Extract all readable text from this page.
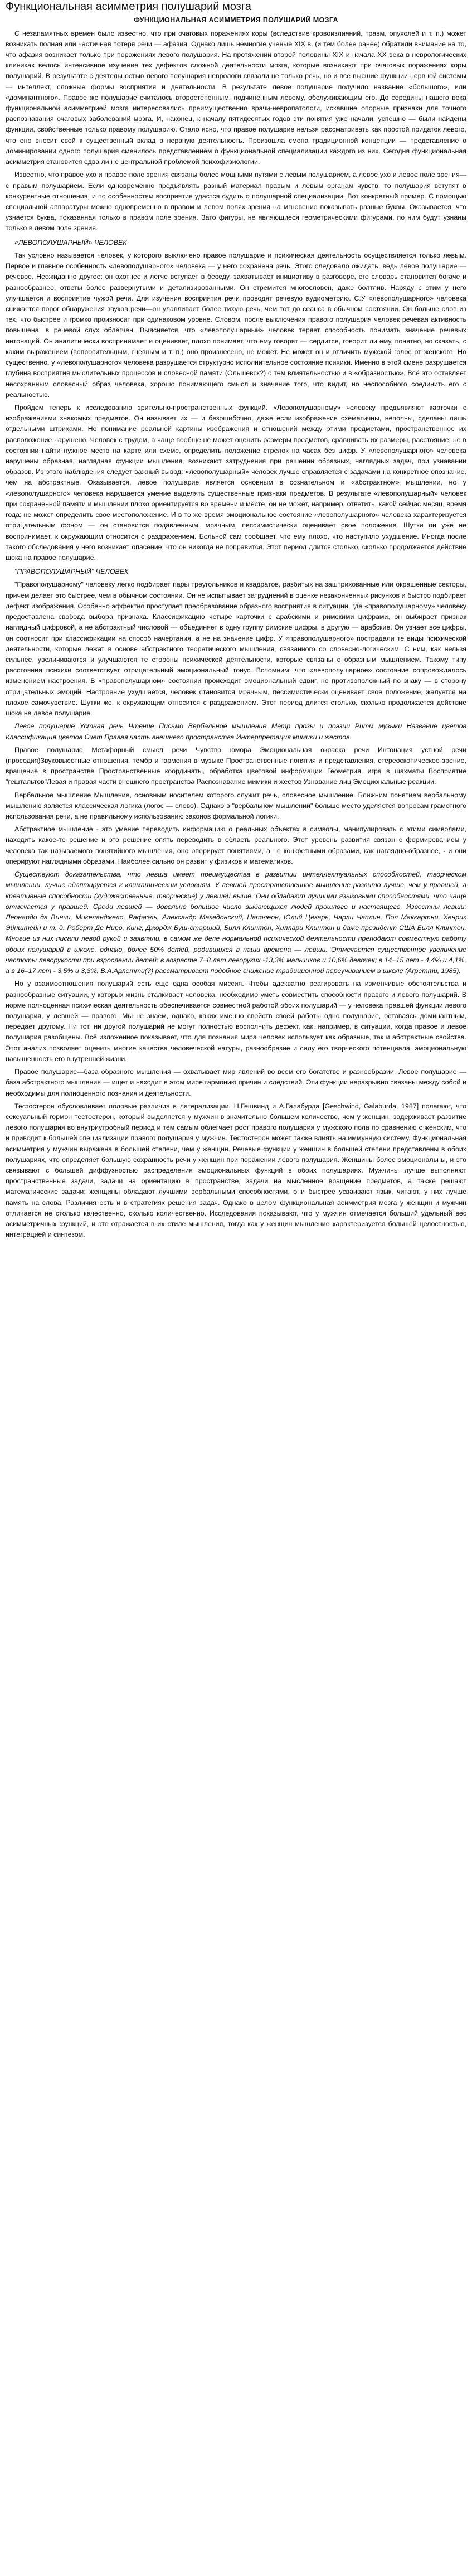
Функциональная асимметрия полушарий мозга
ФУНКЦИОНАЛЬНАЯ АСИММЕТРИЯ ПОЛУШАРИЙ МОЗГА

С незапамятных времен было известно, что при очаговых поражениях коры (вследствие кровоизлияний, травм, опухолей и т. п.) может возникать полная или частичная потеря речи — афазия. Однако лишь немногие ученые XIX в. (и тем более ранее) обратили внимание на то, что афазия возникает только при поражениях левого полушария. На протяжении второй половины XIX и начала XX века в неврологических клиниках велось интенсивное изучение тех дефектов сложной деятельности мозга, которые возникают при очаговых поражениях коры полушарий. В результате с деятельностью левого полушария неврологи связали не только речь, но и все высшие функции нервной системы — интеллект, сложные формы восприятия и деятельности. В результате левое полушарие получило название «большого», или «доминантного». Правое же полушарие считалось второстепенным, подчиненным левому, обслуживающим его. До середины нашего века функциональной асимметрией мозга интересовались преимущественно врачи-невропатологи, искавшие опорные признаки для точного распознавания очаговых заболеваний мозга. И, наконец, к началу пятидесятых годов эти понятия уже начали, успешно — были найдены функции, свойственные только правому полушарию. Стало ясно, что правое полушарие нельзя рассматривать как простой придаток левого, что оно вносит свой к существенный вклад в нервную деятельность. Произошла смена традиционной концепции — представление о доминировании одного полушария сменилось представлением о функциональной специализации каждого из них. Сегодня функциональная асимметрия становится едва ли не центральной проблемой психофизиологии.

Известно, что правое ухо и правое поле зрения связаны более мощными путями с левым полушарием, а левое ухо и левое поле зрения—с правым полушарием. Если одновременно предъявлять разный материал правым и левым органам чувств, то полушария вступят в конкурентные отношения, и по особенностям восприятия удастся судить о полушарной специализации. Вот конкретный пример. С помощью специальной аппаратуры можно одновременно в правом и левом полях зрения на мгновение показывать разные буквы. Оказывается, что узнается буква, показанная только в правом поле зрения. Зато фигуры, не являющиеся геометрическими фигурами, по ним будут узнаны только в левом поле зрения.

«ЛЕВОПОЛУШАРНЫЙ» ЧЕЛОВЕК

Так условно называется человек, у которого выключено правое полушарие и психическая деятельность осуществляется только левым. Первое и главное особенность «левополушарного» человека — у него сохранена речь. Этого следовало ожидать, ведь левое полушарие — речевое. Неожиданно другое: он охотнее и легче вступает в беседу, захватывает инициативу в разговоре, его словарь становится богаче и разнообразнее, ответы более развернутыми и детализированными. Он стремится многословен, даже болтлив. Наряду с этим у него улучшается и восприятие чужой речи. Для изучения восприятия речи проводят речевую аудиометрию. С.У «левополушарного» человека снижается порог обнаружения звуков речи—он улавливает более тихую речь, чем тот до сеанса в обычном состоянии. Он больше слов из тех, что быстрее и громко произносит при одинаковом уровне. Словом, после выключения правого полушария человек речевая активность повышена, в речевой слух облегчен. Выясняется, что «левополушарный» человек теряет способность понимать значение речевых интонаций. Он аналитически воспринимает и оценивает, плохо понимает, что ему говорят — сердится, говорит ли ему, понятно, но сказать, с каким выражением (вопросительным, гневным и т. п.) оно произнесено, не может. Не может он и отличить мужской голос от женского. Но существенно, у «левополушарного» человека разрушается структурно исполнительное состояние психики. Именно в этой смене разрушается глубина восприятия мыслительных процессов и словесной памяти (Ольшевск?) с тем влиятельностью и в «образностью». Всё это оставляет несохранным словесный образ человека, хорошо понимающего смысл и значение того, что видит, но неспособного соединить его с реальностью.

Пройдем теперь к исследованию зрительно-пространственных функций. «Левополушарному» человеку предъявляют карточки с изображениями знакомых предметов. Он называет их — и безошибочно, даже если изображения схематичны, неполны, сделаны лишь отдельными штрихами. Но понимание реальной картины изображения и отношений между этими предметами, пространственное их расположение нарушено. Человек с трудом, а чаще вообще не может оценить размеры предметов, сравнивать их размеры, расстояние, не в состоянии найти нужное место на карте или схеме, определить положение стрелок на часах без цифр. У «левополушарного» человека нарушены образная, наглядная функции мышления, возникают затруднения при решении образных, наглядных задач, при узнавании образов. Из этого наблюдения следует важный вывод: «левополушарный» человек лучше справляется с задачами на конкретное опознание, чем на абстрактные. Оказывается, левое полушарие является основным в сознательном и «абстрактном» мышлении, но у «левополушарного» человека нарушается умение выделять существенные признаки предметов. В результате «левополушарный» человек при сохраненной памяти и мышлении плохо ориентируется во времени и месте, он не может, например, ответить, какой сейчас месяц, время года; не может определить свое местоположение. И в то же время эмоциональное состояние «левополушарного» человека характеризуется отрицательным фоном — он становится подавленным, мрачным, пессимистически оценивает свое положение. Шутки он уже не воспринимает, к окружающим относится с раздражением. Больной сам сообщает, что ему плохо, что наступило ухудшение. Иногда после такого обследования у него возникает опасение, что он никогда не поправится. Этот период длится столько, сколько продолжается действие шока на правое полушарие.

"ПРАВОПОЛУШАРНЫЙ" ЧЕЛОВЕК

"Правополушарному" человеку легко подбирает пары треугольников и квадратов, разбитых на заштрихованные или окрашенные секторы, причем делает это быстрее, чем в обычном состоянии. Он не испытывает затруднений в оценке незаконченных рисунков и быстро подбирает дефект изображения. Особенно эффектно проступает преобразование образного восприятия в ситуации, где «правополушарному» человеку предоставлена свобода выбора признака. Классификацию четыре карточки с арабскими и римскими цифрами, он выбирает признак наглядный цифровой, а не абстрактный числовой — объединяет в одну группу римские цифры, в другую — арабские. Он узнает все цифры, он соотносит при классификации на способ начертания, а не на значение цифр. У «правополушарного» пострадали те виды психической деятельности, которые лежат в основе абстрактного теоретического мышления, связанного со словесно-логическим. С ним, как нельзя сильнее, увеличиваются и улучшаются те стороны психической деятельности, которые связаны с образным мышлением. Такому типу расстояния психики соответствует отрицательный эмоциональный тонус. Вспомним: что «левополушарное» состояние сопровождалось изменением настроения. В «правополушарном» состоянии происходит эмоциональный сдвиг, но противоположный по знаку — в сторону отрицательных эмоций. Настроение ухудшается, человек становится мрачным, пессимистически оценивает свое положение, жалуется на плохое самочувствие. Шутки же, к окружающим относится с раздражением. Этот период длится столько, сколько продолжается действие шока на левое полушарие.

Левое полушарие Устная речь Чтение Письмо Вербальное мышление Метр прозы и поэзии Ритм музыки Название цветов Классификация цветов Счет Правая часть внешнего пространства Интерпретация мимики и жестов.

Правое полушарие Метафорный смысл речи Чувство юмора Эмоциональная окраска речи Интонация устной речи (просодия)Звуковысотные отношения, тембр и гармония в музыке Пространственные понятия и представления, стереоскопическое зрение, вращение в пространстве Пространственные координаты, обработка цветовой информации Геометрия, игра в шахматы Восприятие "гештальтов"Левая и правая части внешнего пространства Распознавание мимики и жестов Узнавание лиц Эмоциональные реакции.

Вербальное мышление Мышление, основным носителем которого служит речь, словесное мышление. Ближним понятием вербальному мышлению является классическая логика (логос — слово). Однако в "вербальном мышлении" больше место уделяется вопросам грамотного использования речи, а не правильному использованию законов формальной логики.

Абстрактное мышление - это умение переводить информацию о реальных объектах в символы, манипулировать с этими символами, находить какое-то решение и это решение опять переводить в область реального. Этот уровень развития связан с формированием у человека так называемого понятийного мышления, оно оперирует понятиями, а не конкретными образами, как наглядно-образное, - и они оперируют наглядными образами. Наиболее сильно он развит у физиков и математиков.

Существуют доказательства, что левша имеет преимущества в развитии интеллектуальных способностей, творческом мышлении, лучше адаптируется к климатическим условиям. У левшей пространственное мышление развито лучше, чем у правшей, а креативные способности (художественные, творческие) у левшей выше. Они обладают лучшими языковыми способностями, что чаще отмечается у правшей. Среди левшей — довольно большое число выдающихся людей прошлого и настоящего. Известны левши: Леонардо да Винчи, Микеланджело, Рафаэль, Александр Македонский, Наполеон, Юлий Цезарь, Чарли Чаплин, Пол Маккартни, Хенрик Эйнштейн и т. д. Роберт Де Ниро, Кинг, Джордж Буш-старший, Билл Клинтон, Хиллари Клинтон и даже президент США Билл Клинтон. Многие из них писали левой рукой и заявляли, в самом же деле нормальной психической деятельности преподают совместную работу обоих полушарий в школе, однако, более 50% детей, родившихся в наши времена — левши. Отмечается существенное увеличение частоты леворукости при взрослении детей: в возрасте 7–8 лет леворуких -13,3% мальчиков и 10,6% девочек; в 14–15 лет - 4,4% и 4,1%, а в 16–17 лет - 3,5% и 3,3%. В.А.Арлетти(?) рассматривает подобное снижение традиционной переучиванием в школе (Arpeтти, 1985).

Но у взаимоотношения полушарий есть еще одна особая миссия. Чтобы адекватно реагировать на изменчивые обстоятельства и разнообразные ситуации, у которых жизнь сталкивает человека, необходимо уметь совместить способности правого и левого полушарий. В норме полноценная психическая деятельность обеспечивается совместной работой обоих полушарий — у человека правшей функции левого полушария, у левшей — правого. Мы не знаем, однако, каких именно свойств своей работы одно полушарие, оставаясь доминантным, передает другому. Ни тот, ни другой полушарий не могут полностью восполнить дефект, как, например, в ситуации, когда правое и левое полушария разобщены. Всё изложенное показывает, что для познания мира человек использует как образные, так и абстрактные свойства. Этот анализ позволяет оценить многие качества человеческой натуры, разнообразие и силу его творческого потенциала, эмоциональную насыщенность его внутренней жизни.

Правое полушарие—база образного мышления — охватывает мир явлений во всем его богатстве и разнообразии. Левое полушарие — база абстрактного мышления — ищет и находит в этом мире гармонию причин и следствий. Эти функции неразрывно связаны между собой и необходимы для полноценного познания и деятельности.

Тестостерон обусловливает половые различия в латерализации. Н.Гешвинд и А.Галабурда [Geschwind, Galaburda, 1987] полагают, что сексуальный гормон тестостерон, который выделяется у мужчин в значительно большем количестве, чем у женщин, задерживает развитие левого полушария во внутриутробный период и тем самым облегчает рост правого полушария у мужского пола по сравнению с женским, что и приводит к большей специализации правого полушария у мужчин. Тестостерон может также влиять на иммунную систему. Функциональная асимметрия у мужчин выражена в большей степени, чем у женщин. Речевые функции у женщин в большей степени представлены в обоих полушариях, что определяет большую сохранность речи у женщин при поражении левого полушария. Женщины более эмоциональны, и это связывают с большей диффузностью распределения эмоциональных функций в обоих полушариях. Мужчины лучше выполняют пространственные задачи, задачи на ориентацию в пространстве, задачи на мысленное вращение предметов, а также решают математические задачи; женщины обладают лучшими вербальными способностями, они быстрее усваивают язык, читают, у них лучше память на слова. Различия есть и в стратегиях решения задач. Однако в целом функциональная асимметрия мозга у женщин и мужчин отличается не столько качественно, сколько количественно. Исследования показывают, что у мужчин отмечается больший удельный вес асимметричных функций, и это отражается в их стиле мышления, тогда как у женщин мышление характеризуется большей целостностью, интеграцией и синтезом.
